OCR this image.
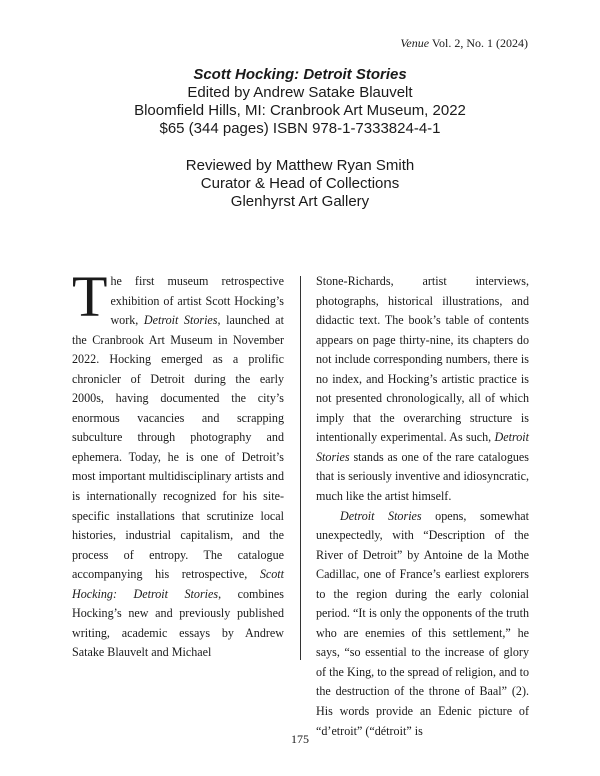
Venue Vol. 2, No. 1 (2024)
Scott Hocking: Detroit Stories
Edited by Andrew Satake Blauvelt
Bloomfield Hills, MI: Cranbrook Art Museum, 2022
$65 (344 pages) ISBN 978-1-7333824-4-1
Reviewed by Matthew Ryan Smith
Curator & Head of Collections
Glenhyrst Art Gallery

The first museum retrospective exhibition of artist Scott Hocking’s work, Detroit Stories, launched at the Cranbrook Art Museum in November 2022. Hocking emerged as a prolific chronicler of Detroit during the early 2000s, having documented the city’s enormous vacancies and scrapping subculture through photography and ephemera. Today, he is one of Detroit’s most important multidisciplinary artists and is internationally recognized for his site-specific installations that scrutinize local histories, industrial capitalism, and the process of entropy. The catalogue accompanying his retrospective, Scott Hocking: Detroit Stories, combines Hocking’s new and previously published writing, academic essays by Andrew Satake Blauvelt and Michael

Stone-Richards, artist interviews, photographs, historical illustrations, and didactic text. The book’s table of contents appears on page thirty-nine, its chapters do not include corresponding numbers, there is no index, and Hocking’s artistic practice is not presented chronologically, all of which imply that the overarching structure is intentionally experimental. As such, Detroit Stories stands as one of the rare catalogues that is seriously inventive and idiosyncratic, much like the artist himself.

Detroit Stories opens, somewhat unexpectedly, with “Description of the River of Detroit” by Antoine de la Mothe Cadillac, one of France’s earliest explorers to the region during the early colonial period. “It is only the opponents of the truth who are enemies of this settlement,” he says, “so essential to the increase of glory of the King, to the spread of religion, and to the destruction of the throne of Baal” (2). His words provide an Edenic picture of “d’etroit” (“détroit” is

175
